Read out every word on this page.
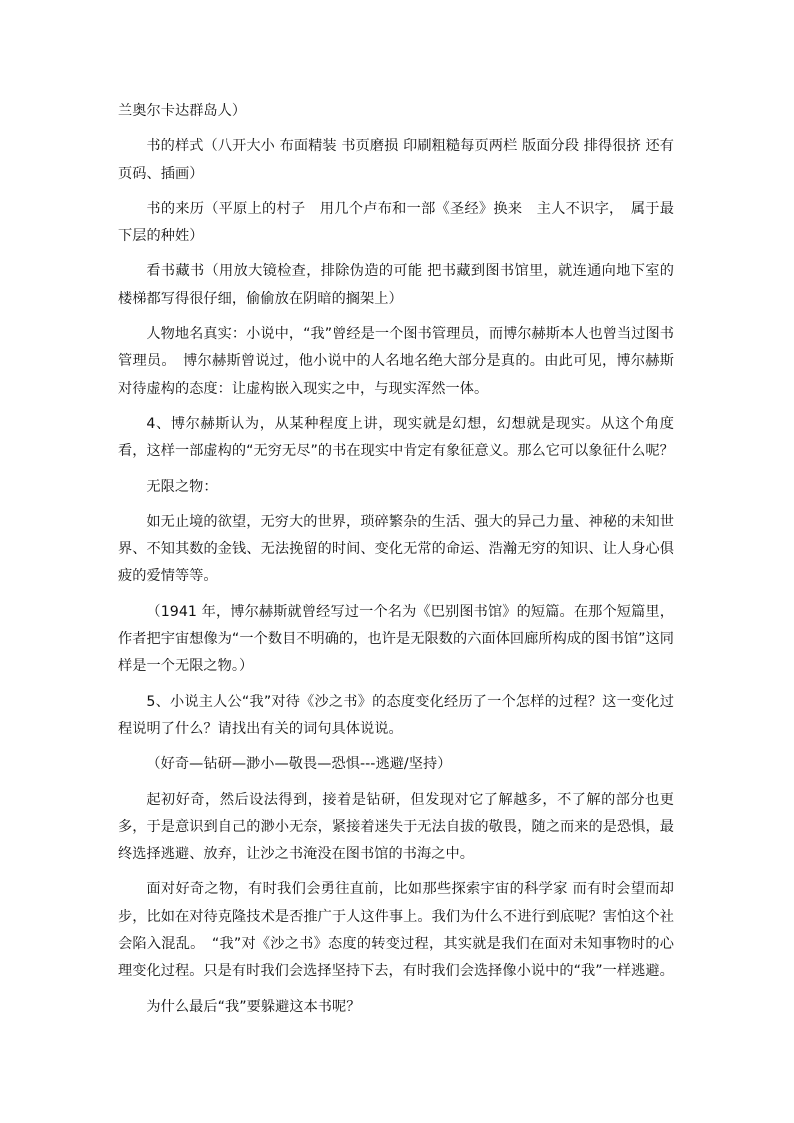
兰奥尔卡达群岛人）

书的样式（八开大小 布面精装 书页磨损 印刷粗糙每页两栏 版面分段 排得很挤 还有页码、插画）

书的来历（平原上的村子　用几个卢布和一部《圣经》换来　主人不识字，　属于最下层的种姓）

看书藏书（用放大镜检查，排除伪造的可能 把书藏到图书馆里，就连通向地下室的楼梯都写得很仔细，偷偷放在阴暗的搁架上）

人物地名真实：小说中，“我”曾经是一个图书管理员，而博尔赫斯本人也曾当过图书管理员。　博尔赫斯曾说过，他小说中的人名地名绝大部分是真的。由此可见，博尔赫斯对待虚构的态度：让虚构嵌入现实之中，与现实浑然一体。

4、博尔赫斯认为，从某种程度上讲，现实就是幻想，幻想就是现实。从这个角度看，这样一部虚构的“无穷无尽”的书在现实中肯定有象征意义。那么它可以象征什么呢？

无限之物：

如无止境的欲望，无穷大的世界，琐碎繁杂的生活、强大的异己力量、神秘的未知世界、不知其数的金钱、无法挽留的时间、变化无常的命运、浩瀚无穷的知识、让人身心俱疲的爱情等等。

（1941 年，博尔赫斯就曾经写过一个名为《巴别图书馆》的短篇。在那个短篇里，作者把宇宙想像为“一个数目不明确的，也许是无限数的六面体回廊所构成的图书馆”这同样是一个无限之物。）

5、小说主人公“我”对待《沙之书》的态度变化经历了一个怎样的过程？这一变化过程说明了什么？请找出有关的词句具体说说。

（好奇—钻研—渺小—敬畏—恐惧---逃避/坚持）

起初好奇，然后设法得到，接着是钻研，但发现对它了解越多，不了解的部分也更多，于是意识到自己的渺小无奈，紧接着迷失于无法自拔的敬畏，随之而来的是恐惧，最终选择逃避、放弃，让沙之书淹没在图书馆的书海之中。

面对好奇之物，有时我们会勇往直前，比如那些探索宇宙的科学家 而有时会望而却步，比如在对待克隆技术是否推广于人这件事上。我们为什么不进行到底呢？害怕这个社会陷入混乱。　“我”对《沙之书》态度的转变过程，其实就是我们在面对未知事物时的心理变化过程。只是有时我们会选择坚持下去，有时我们会选择像小说中的“我”一样逃避。

为什么最后“我”要躲避这本书呢？
